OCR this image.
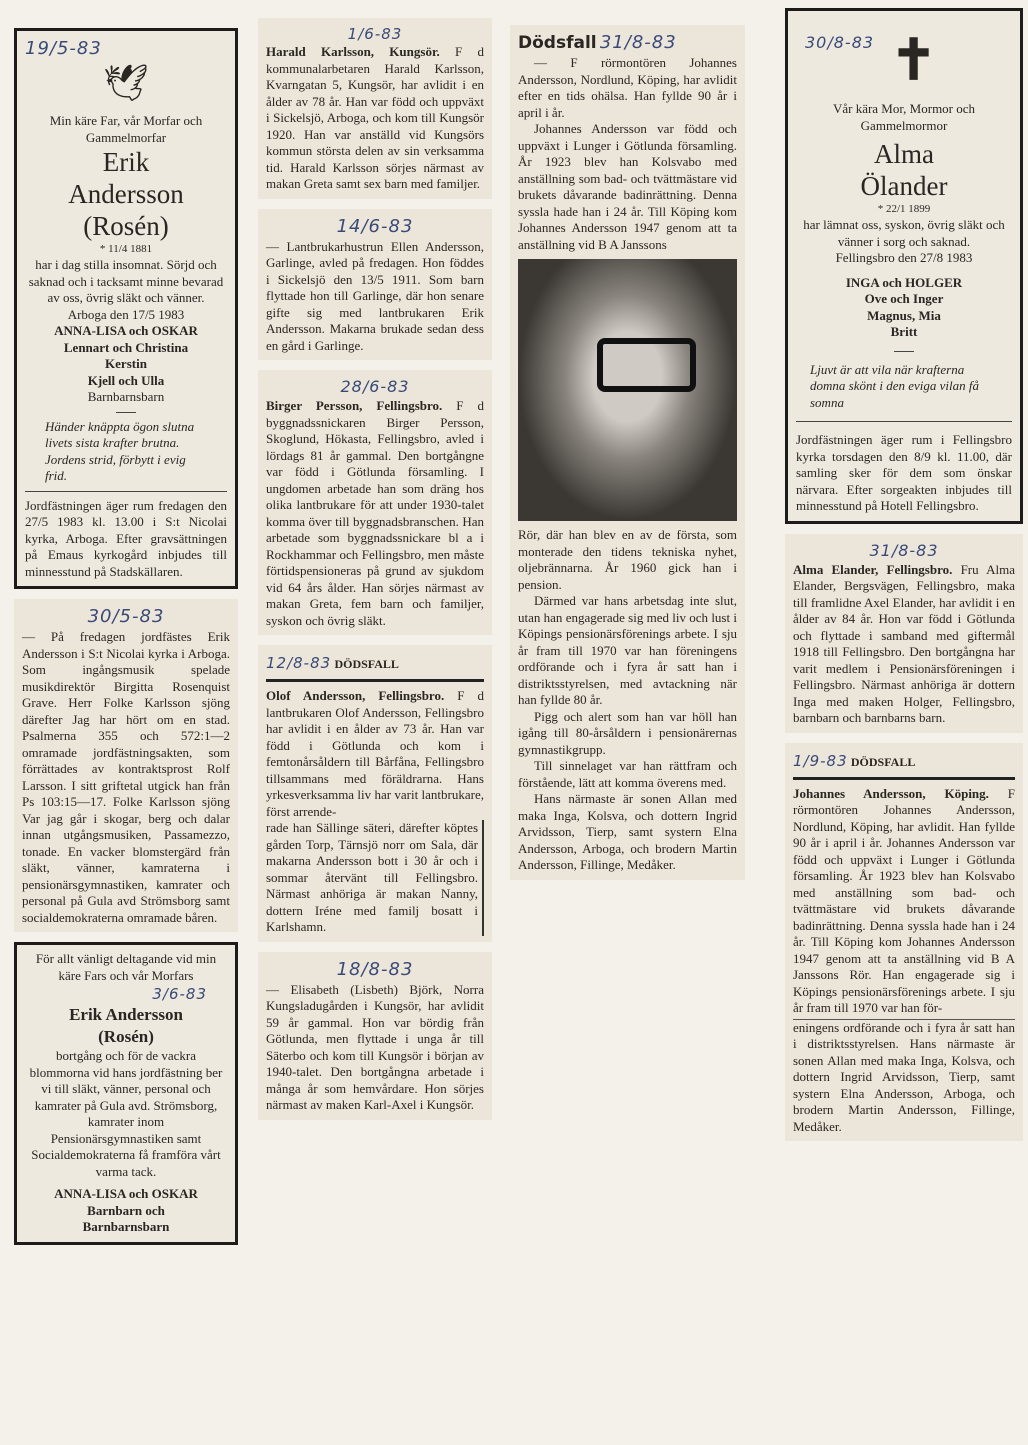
19/5-83
🕊

Min käre Far, vår Morfar och Gammelmorfar

Erik

Andersson

(Rosén)

* 11/4 1881

har i dag stilla insomnat. Sörjd och saknad och i tacksamt minne bevarad av oss, övrig släkt och vänner.

Arboga den 17/5 1983

ANNA-LISA och OSKAR

Lennart och Christina

Kerstin

Kjell och Ulla

Barnbarnsbarn

Händer knäppta ögon slutna livets sista krafter brutna. Jordens strid, förbytt i evig frid.

Jordfästningen äger rum fredagen den 27/5 1983 kl. 13.00 i S:t Nicolai kyrka, Arboga. Efter gravsättningen på Emaus kyrkogård inbjudes till minnesstund på Stadskällaren.

30/5-83

— På fredagen jordfästes Erik Andersson i S:t Nicolai kyrka i Arboga. Som ingångsmusik spelade musikdirektör Birgitta Rosenquist Grave. Herr Folke Karlsson sjöng därefter Jag har hört om en stad. Psalmerna 355 och 572:1—2 omramade jordfästningsakten, som förrättades av kontraktsprost Rolf Larsson. I sitt griftetal utgick han från Ps 103:15—17. Folke Karlsson sjöng Var jag går i skogar, berg och dalar innan utgångsmusiken, Passamezzo, tonade. En vacker blomstergärd från släkt, vänner, kamraterna i pensionärsgymnastiken, kamrater och personal på Gula avd Strömsborg samt socialdemokraterna omramade båren.

För allt vänligt deltagande vid min käre Fars och vår Morfars

3/6-83

Erik Andersson

(Rosén)

bortgång och för de vackra blommorna vid hans jordfästning ber vi till släkt, vänner, personal och kamrater på Gula avd. Strömsborg, kamrater inom Pensionärsgymnastiken samt Socialdemokraterna få framföra vårt varma tack.

ANNA-LISA och OSKAR

Barnbarn och

Barnbarnsbarn

1/6-83

Harald Karlsson, Kungsör. F d kommunalarbetaren Harald Karlsson, Kvarngatan 5, Kungsör, har avlidit i en ålder av 78 år. Han var född och uppväxt i Sickelsjö, Arboga, och kom till Kungsör 1920. Han var anställd vid Kungsörs kommun största delen av sin verksamma tid. Harald Karlsson sörjes närmast av makan Greta samt sex barn med familjer.

14/6-83

— Lantbrukarhustrun Ellen Andersson, Garlinge, avled på fredagen. Hon föddes i Sickelsjö den 13/5 1911. Som barn flyttade hon till Garlinge, där hon senare gifte sig med lantbrukaren Erik Andersson. Makarna brukade sedan dess en gård i Garlinge.

28/6-83

Birger Persson, Fellingsbro. F d byggnadssnickaren Birger Persson, Skoglund, Hökasta, Fellingsbro, avled i lördags 81 år gammal. Den bortgångne var född i Götlunda församling. I ungdomen arbetade han som dräng hos olika lantbrukare för att under 1930-talet komma över till byggnadsbranschen. Han arbetade som byggnadssnickare bl a i Rockhammar och Fellingsbro, men måste förtidspensioneras på grund av sjukdom vid 64 års ålder. Han sörjes närmast av makan Greta, fem barn och familjer, syskon och övrig släkt.

12/8-83 DÖDSFALL

Olof Andersson, Fellingsbro. F d lantbrukaren Olof Andersson, Fellingsbro har avlidit i en ålder av 73 år. Han var född i Götlunda och kom i femtonårsåldern till Bårfåna, Fellingsbro tillsammans med föräldrarna. Hans yrkesverksamma liv har varit lantbrukare, först arrende-

rade han Sällinge säteri, därefter köptes gården Torp, Tärnsjö norr om Sala, där makarna Andersson bott i 30 år och i sommar återvänt till Fellingsbro. Närmast anhöriga är makan Nanny, dottern Iréne med familj bosatt i Karlshamn.

18/8-83

— Elisabeth (Lisbeth) Björk, Norra Kungsladugården i Kungsör, har avlidit 59 år gammal. Hon var bördig från Götlunda, men flyttade i unga år till Säterbo och kom till Kungsör i början av 1940-talet. Den bortgångna arbetade i många år som hemvårdare. Hon sörjes närmast av maken Karl-Axel i Kungsör.

Dödsfall 31/8-83

— F rörmontören Johannes Andersson, Nordlund, Köping, har avlidit efter en tids ohälsa. Han fyllde 90 år i april i år.

Johannes Andersson var född och uppväxt i Lunger i Götlunda församling. År 1923 blev han Kolsvabo med anställning som bad- och tvättmästare vid brukets dåvarande badinrättning. Denna syssla hade han i 24 år. Till Köping kom Johannes Andersson 1947 genom att ta anställning vid B A Janssons

Rör, där han blev en av de första, som monterade den tidens tekniska nyhet, oljebrännarna. År 1960 gick han i pension.

Därmed var hans arbetsdag inte slut, utan han engagerade sig med liv och lust i Köpings pensionärsförenings arbete. I sju år fram till 1970 var han föreningens ordförande och i fyra år satt han i distriktsstyrelsen, med avtackning när han fyllde 80 år.

Pigg och alert som han var höll han igång till 80-årsåldern i pensionärernas gymnastikgrupp.

Till sinnelaget var han rättfram och förstående, lätt att komma överens med.

Hans närmaste är sonen Allan med maka Inga, Kolsva, och dottern Ingrid Arvidsson, Tierp, samt systern Elna Andersson, Arboga, och brodern Martin Andersson, Fillinge, Medåker.

30/8-83 ✝

Vår kära Mor, Mormor och Gammelmormor

Alma

Ölander

* 22/1 1899

har lämnat oss, syskon, övrig släkt och vänner i sorg och saknad.

Fellingsbro den 27/8 1983

INGA och HOLGER

Ove och Inger

Magnus, Mia

Britt

Ljuvt är att vila när krafterna domna skönt i den eviga vilan få somna

Jordfästningen äger rum i Fellingsbro kyrka torsdagen den 8/9 kl. 11.00, där samling sker för dem som önskar närvara. Efter sorgeakten inbjudes till minnesstund på Hotell Fellingsbro.

31/8-83

Alma Elander, Fellingsbro. Fru Alma Elander, Bergsvägen, Fellingsbro, maka till framlidne Axel Elander, har avlidit i en ålder av 84 år. Hon var född i Götlunda och flyttade i samband med giftermål 1918 till Fellingsbro. Den bortgångna har varit medlem i Pensionärsföreningen i Fellingsbro. Närmast anhöriga är dottern Inga med maken Holger, Fellingsbro, barnbarn och barnbarns barn.

1/9-83 DÖDSFALL

Johannes Andersson, Köping. F rörmontören Johannes Andersson, Nordlund, Köping, har avlidit. Han fyllde 90 år i april i år. Johannes Andersson var född och uppväxt i Lunger i Götlunda församling. År 1923 blev han Kolsvabo med anställning som bad- och tvättmästare vid brukets dåvarande badinrättning. Denna syssla hade han i 24 år. Till Köping kom Johannes Andersson 1947 genom att ta anställning vid B A Janssons Rör. Han engagerade sig i Köpings pensionärsförenings arbete. I sju år fram till 1970 var han för-

eningens ordförande och i fyra år satt han i distriktsstyrelsen. Hans närmaste är sonen Allan med maka Inga, Kolsva, och dottern Ingrid Arvidsson, Tierp, samt systern Elna Andersson, Arboga, och brodern Martin Andersson, Fillinge, Medåker.
